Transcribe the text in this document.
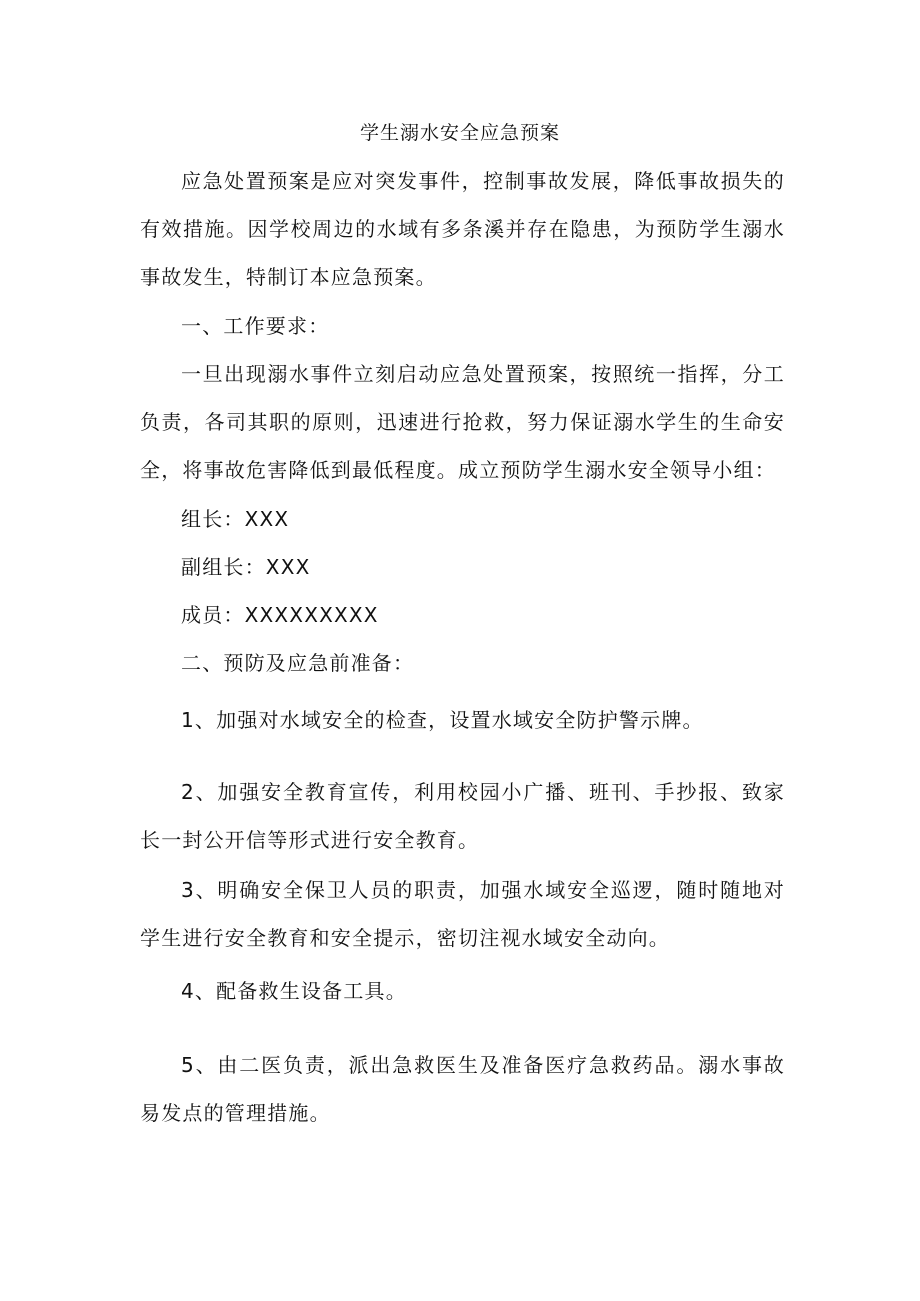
学生溺水安全应急预案
应急处置预案是应对突发事件，控制事故发展，降低事故损失的有效措施。因学校周边的水域有多条溪并存在隐患，为预防学生溺水事故发生，特制订本应急预案。
一、工作要求：
一旦出现溺水事件立刻启动应急处置预案，按照统一指挥，分工负责，各司其职的原则，迅速进行抢救，努力保证溺水学生的生命安全，将事故危害降低到最低程度。成立预防学生溺水安全领导小组：
组长：XXX
副组长：XXX
成员：XXXXXXXXX
二、预防及应急前准备：
1、加强对水域安全的检查，设置水域安全防护警示牌。
2、加强安全教育宣传，利用校园小广播、班刊、手抄报、致家长一封公开信等形式进行安全教育。
3、明确安全保卫人员的职责，加强水域安全巡逻，随时随地对学生进行安全教育和安全提示，密切注视水域安全动向。
4、配备救生设备工具。
5、由二医负责，派出急救医生及准备医疗急救药品。溺水事故易发点的管理措施。
